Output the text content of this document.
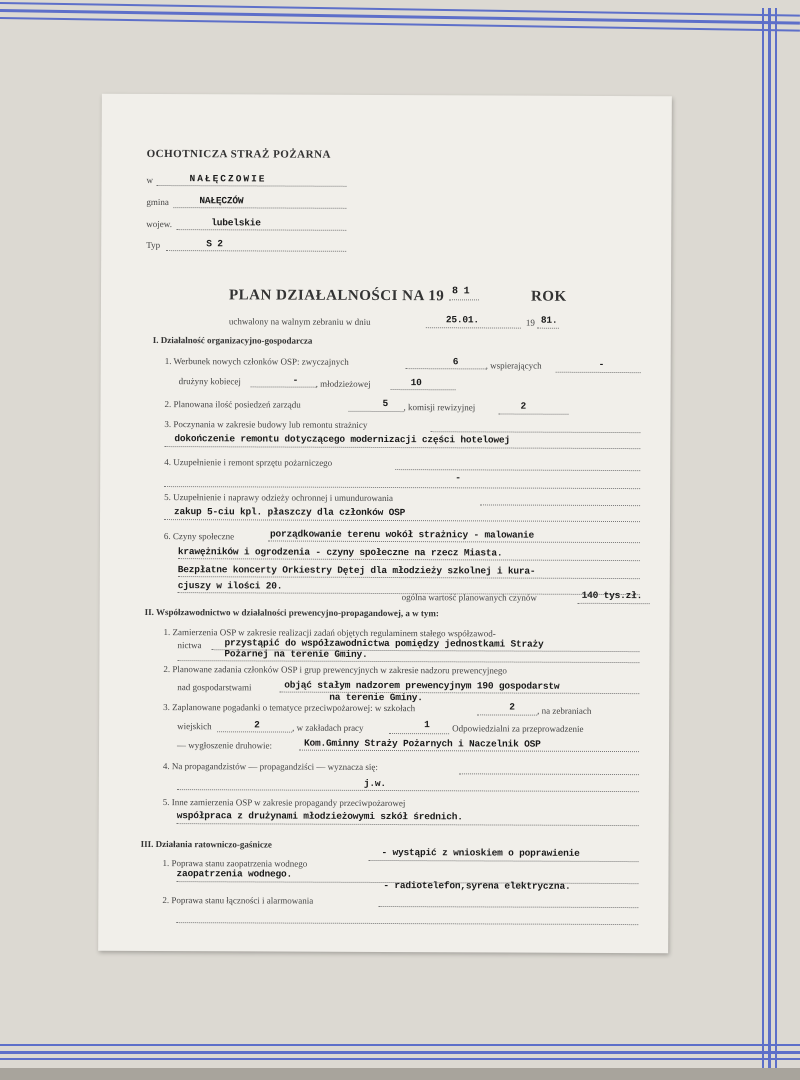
OCHOTNICZA STRAŻ POŻARNA
w	NAŁĘCZOWIE
gmina	NAŁĘCZÓW
wojew.	lubelskie
Typ	S 2
PLAN DZIAŁALNOŚCI NA 19 8 1	ROK
uchwalony na walnym zebraniu w dniu	25.01.	19 81.
I. Działalność organizacyjno-gospodarcza
1. Werbunek nowych członków OSP: zwyczajnych	6	, wspierających	-
drużyny kobiecej	- , młodzieżowej	10
2. Planowana ilość posiedzeń zarządu	5 , komisji rewizyjnej	2
3. Poczynania w zakresie budowy lub remontu strażnicy
dokończenie remontu dotyczącego modernizacji części hotelowej
4. Uzupełnienie i remont sprzętu pożarniczego
-
5. Uzupełnienie i naprawy odzieży ochronnej i umundurowania
zakup 5-ciu kpl. płaszczy dla członków OSP
6. Czyny społeczne	porządkowanie terenu wokół strażnicy - malowanie
krawężników i ogrodzenia - czyny społeczne na rzecz Miasta.
Bezpłatne koncerty Orkiestry Dętej dla młodzieży szkolnej i kura-
cjuszy w ilości 20.
ogólna wartość planowanych czynów	140 tys.zł.
II. Współzawodnictwo w działalności prewencyjno-propagandowej, a w tym:
1. Zamierzenia OSP w zakresie realizacji zadań objętych regulaminem stałego współzawod-
nictwa przystąpić do współzawodnictwa pomiędzy jednostkami Straży
Pożarnej na terenie Gminy.
2. Planowane zadania członków OSP i grup prewencyjnych w zakresie nadzoru prewencyjnego
nad gospodarstwami	objąć stałym nadzorem prewencyjnym 190 gospodarstw
na terenie Gminy.
3. Zaplanowane pogadanki o tematyce przeciwpożarowej: w szkołach	2 , na zebraniach
wiejskich	2	, w zakładach pracy	1 Odpowiedzialni za przeprowadzenie
— wygłoszenie druhowie:	Kom.Gminny Straży Pożarnych i Naczelnik OSP
4. Na propagandzistów — propagandziści — wyznacza się:
j.w.
5. Inne zamierzenia OSP w zakresie propagandy przeciwpożarowej
współpraca z drużynami młodzieżowymi szkół średnich.
III. Działania ratowniczo-gaśnicze
1. Poprawa stanu zaopatrzenia wodnego
- wystąpić z wnioskiem o poprawienie
zaopatrzenia wodnego.
2. Poprawa stanu łączności i alarmowania
- radiotelefon,syrena elektryczna.
